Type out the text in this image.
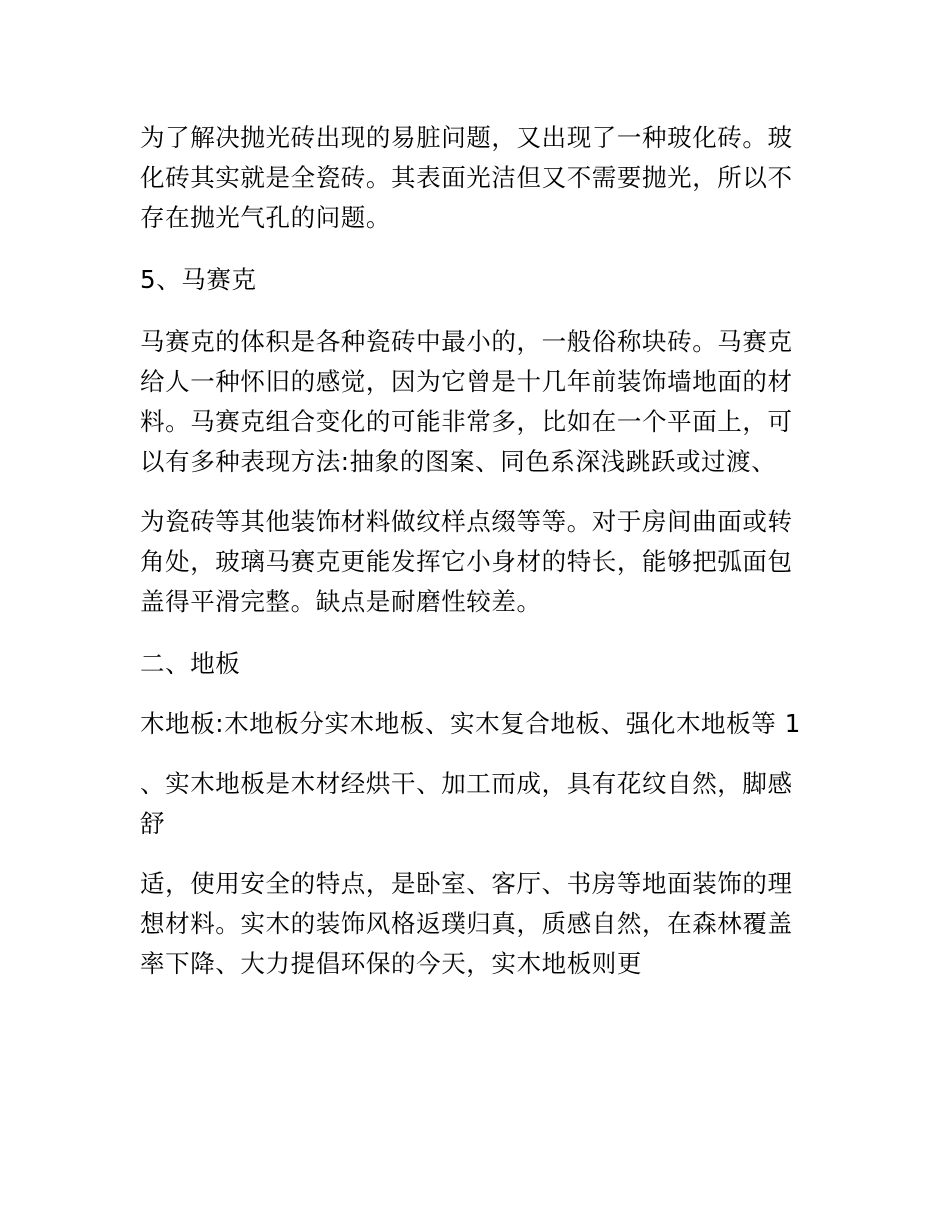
为了解决抛光砖出现的易脏问题，又出现了一种玻化砖。玻化砖其实就是全瓷砖。其表面光洁但又不需要抛光，所以不存在抛光气孔的问题。

5、马赛克

马赛克的体积是各种瓷砖中最小的，一般俗称块砖。马赛克给人一种怀旧的感觉，因为它曾是十几年前装饰墙地面的材料。马赛克组合变化的可能非常多，比如在一个平面上，可以有多种表现方法:抽象的图案、同色系深浅跳跃或过渡、

为瓷砖等其他装饰材料做纹样点缀等等。对于房间曲面或转角处，玻璃马赛克更能发挥它小身材的特长，能够把弧面包盖得平滑完整。缺点是耐磨性较差。

二、地板

木地板:木地板分实木地板、实木复合地板、强化木地板等 1

、实木地板是木材经烘干、加工而成，具有花纹自然，脚感舒

适，使用安全的特点，是卧室、客厅、书房等地面装饰的理想材料。实木的装饰风格返璞归真，质感自然，在森林覆盖率下降、大力提倡环保的今天，实木地板则更
